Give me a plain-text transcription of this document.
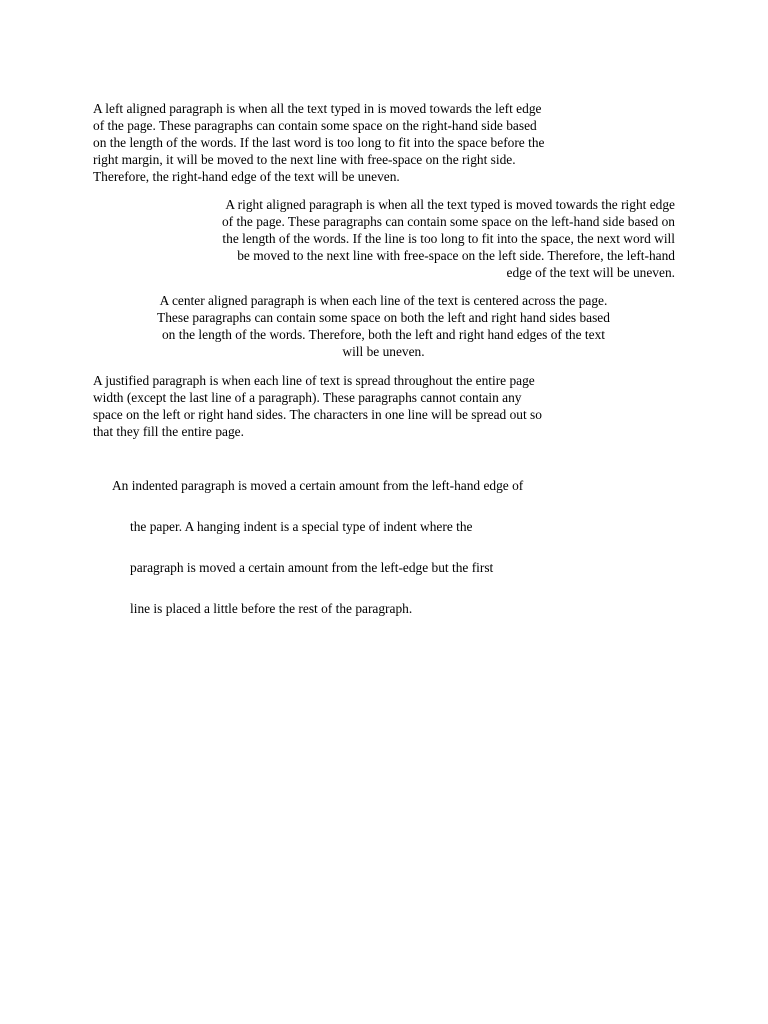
A left aligned paragraph is when all the text typed in is moved towards the left edge
of the page. These paragraphs can contain some space on the right-hand side based
on the length of the words. If the last word is too long to fit into the space before the
right margin, it will be moved to the next line with free-space on the right side.
Therefore, the right-hand edge of the text will be uneven.

A right aligned paragraph is when all the text typed is moved towards the right edge
of the page. These paragraphs can contain some space on the left-hand side based on
the length of the words. If the line is too long to fit into the space, the next word will
be moved to the next line with free-space on the left side. Therefore, the left-hand
edge of the text will be uneven.

A center aligned paragraph is when each line of the text is centered across the page.
These paragraphs can contain some space on both the left and right hand sides based
on the length of the words. Therefore, both the left and right hand edges of the text
will be uneven.

A justified paragraph is when each line of text is spread throughout the entire page
width (except the last line of a paragraph). These paragraphs cannot contain any
space on the left or right hand sides. The characters in one line will be spread out so
that they fill the entire page.

An indented paragraph is moved a certain amount from the left-hand edge of
the paper. A hanging indent is a special type of indent where the
paragraph is moved a certain amount from the left-edge but the first
line is placed a little before the rest of the paragraph.
